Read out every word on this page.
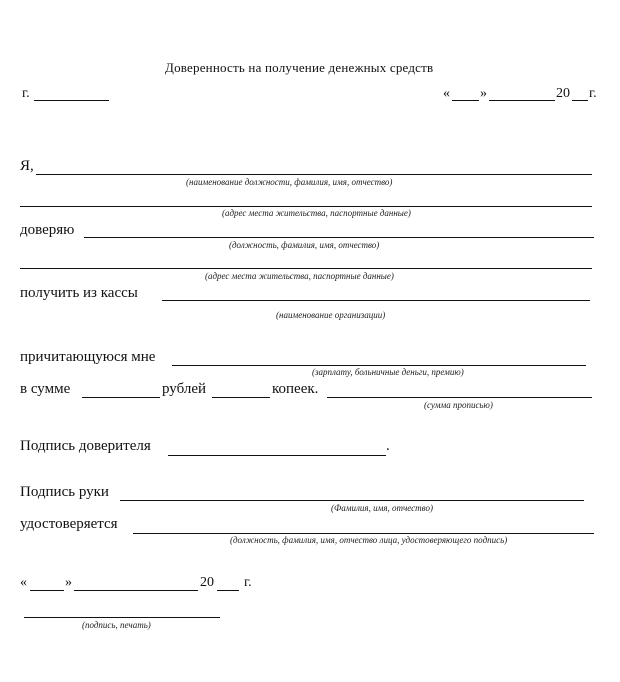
Доверенность на получение денежных средств
г.	« »	20 г.
Я,
(наименование должности, фамилия, имя, отчество)
(адрес места жительства, паспортные данные)
доверяю
(должность, фамилия, имя, отчество)
(адрес места жительства, паспортные данные)
получить из кассы
(наименование организации)
причитающуюся мне
(зарплату, больничные деньги, премию)
в сумме	рублей	копеек.
(сумма прописью)
Подпись доверителя	.
Подпись руки
(Фамилия, имя, отчество)
удостоверяется
(должность, фамилия, имя, отчество лица, удостоверяющего подпись)
«	»	20 г.
(подпись, печать)
